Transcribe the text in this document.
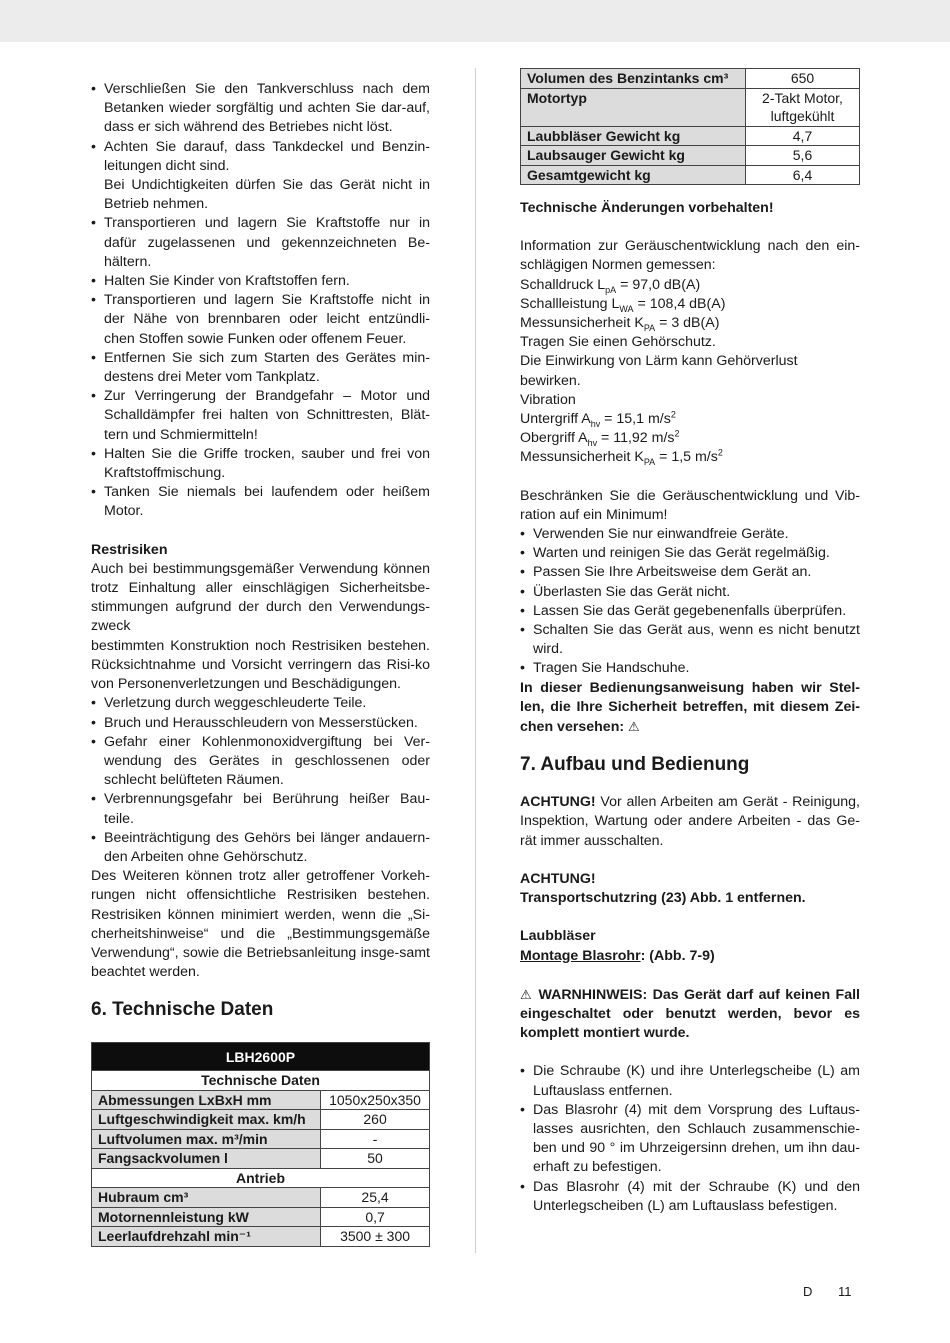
• Verschließen Sie den Tankverschluss nach dem Betanken wieder sorgfältig und achten Sie dar-auf, dass er sich während des Betriebes nicht löst.
• Achten Sie darauf, dass Tankdeckel und Benzin-leitungen dicht sind.
Bei Undichtigkeiten dürfen Sie das Gerät nicht in Betrieb nehmen.
• Transportieren und lagern Sie Kraftstoffe nur in dafür zugelassenen und gekennzeichneten Be-hältern.
• Halten Sie Kinder von Kraftstoffen fern.
• Transportieren und lagern Sie Kraftstoffe nicht in der Nähe von brennbaren oder leicht entzündli-chen Stoffen sowie Funken oder offenem Feuer.
• Entfernen Sie sich zum Starten des Gerätes min-destens drei Meter vom Tankplatz.
• Zur Verringerung der Brandgefahr – Motor und Schalldämpfer frei halten von Schnittresten, Blät-tern und Schmiermitteln!
• Halten Sie die Griffe trocken, sauber und frei von Kraftstoffmischung.
• Tanken Sie niemals bei laufendem oder heißem Motor.

Restrisiken

Auch bei bestimmungsgemäßer Verwendung können trotz Einhaltung aller einschlägigen Sicherheitsbe-stimmungen aufgrund der durch den Verwendungs-zweck

bestimmten Konstruktion noch Restrisiken bestehen. Rücksichtnahme und Vorsicht verringern das Risi-ko von Personenverletzungen und Beschädigungen.

• Verletzung durch weggeschleuderte Teile.
• Bruch und Herausschleudern von Messerstücken.
• Gefahr einer Kohlenmonoxidvergiftung bei Ver-wendung des Gerätes in geschlossenen oder schlecht belüfteten Räumen.
• Verbrennungsgefahr bei Berührung heißer Bau-teile.
• Beeinträchtigung des Gehörs bei länger andauern-den Arbeiten ohne Gehörschutz.

Des Weiteren können trotz aller getroffener Vorkeh-rungen nicht offensichtliche Restrisiken bestehen. Restrisiken können minimiert werden, wenn die „Si-cherheitshinweise“ und die „Bestimmungsgemäße Verwendung“, sowie die Betriebsanleitung insge-samt beachtet werden.

6. Technische Daten
LBH2600P	
Technische Daten	
Abmessungen LxBxH mm	1050x250x350
Luftgeschwindigkeit max. km/h	260
Luftvolumen max. m³/min	-
Fangsackvolumen l	50
Antrieb	
Hubraum cm³	25,4
Motornennleistung kW	0,7
Leerlaufdrehzahl min⁻¹	3500 ± 300
Volumen des Benzintanks cm³	650
Motortyp	2-Takt Motor, luftgekühlt
Laubbläser Gewicht kg	4,7
Laubsauger Gewicht kg	5,6
Gesamtgewicht kg	6,4

Technische Änderungen vorbehalten!

Information zur Geräuschentwicklung nach den ein-schlägigen Normen gemessen:

Schalldruck $L_{pA} = 97,0$ dB(A)

Schallleistung $L_{WA} = 108,4$ dB(A)

Messunsicherheit $K_{PA} = 3$ dB(A)

Tragen Sie einen Gehörschutz.

Die Einwirkung von Lärm kann Gehörverlust bewirken.

Vibration

Untergriff $A_{hv} = 15,1$ $m/s^2$

Obergriff $A_{hv} = 11,92$ $m/s^2$

Messunsicherheit $K_{PA} = 1,5$ $m/s^2$

Beschränken Sie die Geräuschentwicklung und Vib-ration auf ein Minimum!

• Verwenden Sie nur einwandfreie Geräte.
• Warten und reinigen Sie das Gerät regelmäßig.
• Passen Sie Ihre Arbeitsweise dem Gerät an.
• Überlasten Sie das Gerät nicht.
• Lassen Sie das Gerät gegebenenfalls überprüfen.
• Schalten Sie das Gerät aus, wenn es nicht benutzt wird.
• Tragen Sie Handschuhe.

In dieser Bedienungsanweisung haben wir Stel-len, die Ihre Sicherheit betreffen, mit diesem Zei-chen versehen: ⚠

7. Aufbau und Bedienung

ACHTUNG! Vor allen Arbeiten am Gerät - Reinigung, Inspektion, Wartung oder andere Arbeiten - das Ge-rät immer ausschalten.

ACHTUNG!

Transportschutzring (23) Abb. 1 entfernen.

Laubbläser

Montage Blasrohr: (Abb. 7-9)

⚠ WARNHINWEIS: Das Gerät darf auf keinen Fall eingeschaltet oder benutzt werden, bevor es komplett montiert wurde.

• Die Schraube (K) und ihre Unterlegscheibe (L) am Luftauslass entfernen.
• Das Blasrohr (4) mit dem Vorsprung des Luftaus-lasses ausrichten, den Schlauch zusammenschie-ben und 90 ° im Uhrzeigersinn drehen, um ihn dau-erhaft zu befestigen.
• Das Blasrohr (4) mit der Schraube (K) und den Unterlegscheiben (L) am Luftauslass befestigen.
D 11
